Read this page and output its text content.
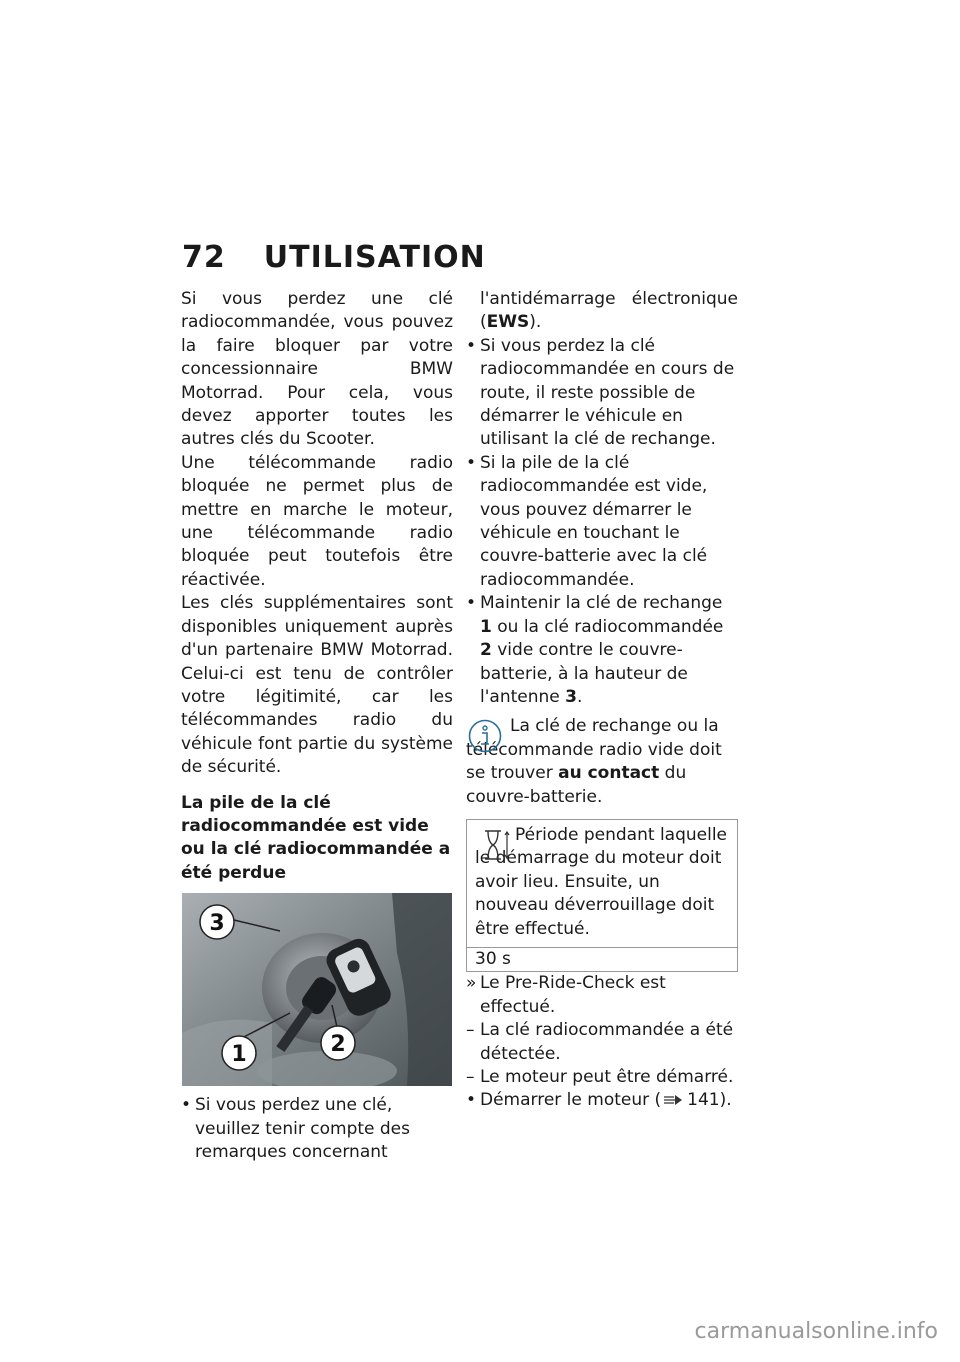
72 UTILISATION

Si vous perdez une clé radiocommandée, vous pouvez la faire bloquer par votre concessionnaire BMW Motorrad. Pour cela, vous devez apporter toutes les autres clés du Scooter.

Une télécommande radio bloquée ne permet plus de mettre en marche le moteur, une télécommande radio bloquée peut toutefois être réactivée.

Les clés supplémentaires sont disponibles uniquement auprès d'un partenaire BMW Motorrad. Celui-ci est tenu de contrôler votre légitimité, car les télécommandes radio du véhicule font partie du système de sécurité.

La pile de la clé radiocommandée est vide ou la clé radiocommandée a été perdue
3
1	2

• Si vous perdez une clé, veuillez tenir compte des remarques concernant

l'antidémarrage électronique (EWS).

• Si vous perdez la clé radiocommandée en cours de route, il reste possible de démarrer le véhicule en utilisant la clé de rechange.

• Si la pile de la clé radiocommandée est vide, vous pouvez démarrer le véhicule en touchant le couvre-batterie avec la clé radiocommandée.

• Maintenir la clé de rechange 1 ou la clé radiocommandée 2 vide contre le couvre-batterie, à la hauteur de l'antenne 3.

La clé de rechange ou la télécommande radio vide doit se trouver au contact du couvre-batterie.

Période pendant laquelle le démarrage du moteur doit avoir lieu. Ensuite, un nouveau déverrouillage doit être effectué.

30 s

» Le Pre-Ride-Check est effectué.

– La clé radiocommandée a été détectée.

– Le moteur peut être démarré.

• Démarrer le moteur ( 141).

carmanualsonline.info
